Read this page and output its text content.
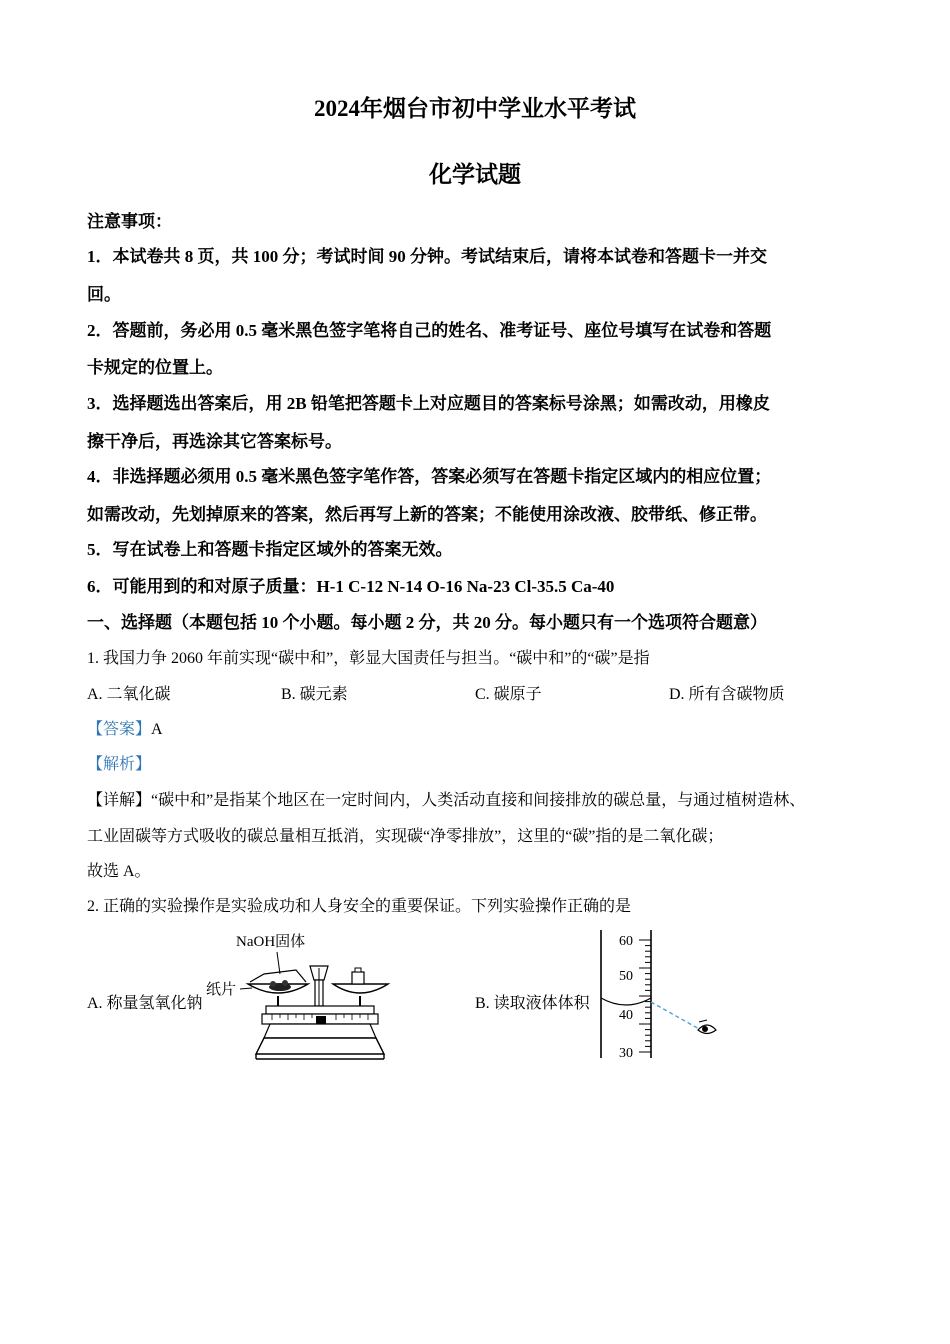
2024年烟台市初中学业水平考试
化学试题
注意事项：
1．本试卷共 8 页，共 100 分；考试时间 90 分钟。考试结束后，请将本试卷和答题卡一并交
回。
2．答题前，务必用 0.5 毫米黑色签字笔将自己的姓名、准考证号、座位号填写在试卷和答题
卡规定的位置上。
3．选择题选出答案后，用 2B 铅笔把答题卡上对应题目的答案标号涂黑；如需改动，用橡皮
擦干净后，再选涂其它答案标号。
4．非选择题必须用 0.5 毫米黑色签字笔作答，答案必须写在答题卡指定区域内的相应位置；
如需改动，先划掉原来的答案，然后再写上新的答案；不能使用涂改液、胶带纸、修正带。
5．写在试卷上和答题卡指定区域外的答案无效。
6．可能用到的和对原子质量：H-1 C-12 N-14 O-16 Na-23 Cl-35.5 Ca-40
一、选择题（本题包括 10 个小题。每小题 2 分，共 20 分。每小题只有一个选项符合题意）
1. 我国力争 2060 年前实现“碳中和”，彰显大国责任与担当。“碳中和”的“碳”是指
A. 二氧化碳	B. 碳元素	C. 碳原子	D. 所有含碳物质
【答案】A
【解析】
【详解】“碳中和”是指某个地区在一定时间内，人类活动直接和间接排放的碳总量，与通过植树造林、
工业固碳等方式吸收的碳总量相互抵消，实现碳“净零排放”，这里的“碳”指的是二氧化碳；
故选 A。
2. 正确的实验操作是实验成功和人身安全的重要保证。下列实验操作正确的是
A. 称量氢氧化钠
NaOH固体
纸片
B. 读取液体体积
60
50
40
30
